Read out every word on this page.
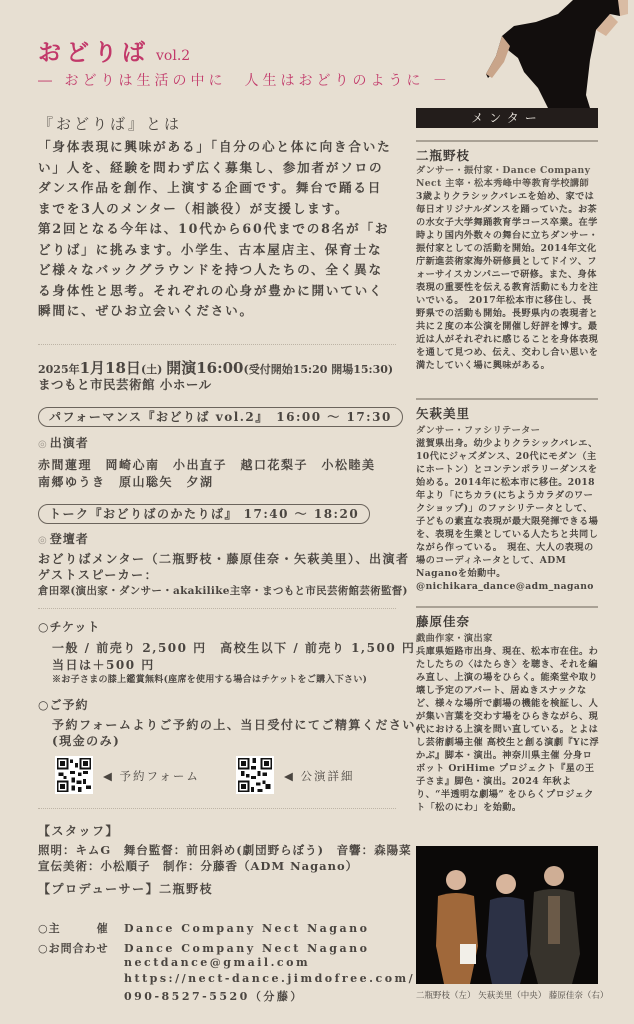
おどりば vol.2
― おどりは生活の中に　人生はおどりのように －
『おどりば』とは

「身体表現に興味がある」「自分の心と体に向き合いたい」人を、経験を問わず広く募集し、参加者がソロのダンス作品を創作、上演する企画です。舞台で踊る日までを3人のメンター（相談役）が支援します。

第2回となる今年は、10代から60代までの8名が「おどりば」に挑みます。小学生、古本屋店主、保育士など様々なバックグラウンドを持つ人たちの、全く異なる身体性と思考。それぞれの心身が豊かに開いていく瞬間に、ぜひお立会いください。

2025年1月18日(土) 開演16:00(受付開始15:20 開場15:30)
まつもと市民芸術館 小ホール
パフォーマンス『おどりば vol.2』　16:00 ～ 17:30
◎ 出演者
赤間蓮理　岡崎心南　小出直子　越口花梨子　小松睦美
南郷ゆうき　原山聡矢　夕湖
トーク『おどりばのかたりば』 17:40 ～ 18:20
◎ 登壇者
おどりばメンター（二瓶野枝・藤原佳奈・矢萩美里）、出演者
ゲストスピーカー：
倉田翠(演出家・ダンサー・akakilike主宰・まつもと市民芸術館芸術監督)
○チケット
一般 / 前売り 2,500 円　高校生以下 / 前売り 1,500 円
当日は＋500 円
※お子さまの膝上鑑賞無料(座席を使用する場合はチケットをご購入下さい)
○ご予約
予約フォームよりご予約の上、当日受付にてご精算ください。
(現金のみ)
◀ 予約フォーム	◀ 公演詳細
【スタッフ】
照明：キムG　舞台監督：前田斜め(劇団野らぼう)　音響：森陽菜
宣伝美術：小松順子　制作：分藤香（ADM Nagano）
【プロデューサー】二瓶野枝
○主　　　催 Dance Company Nect Nagano
○お問合わせ Dance Company Nect Nagano
nectdance@gmail.com
https://nect-dance.jimdofree.com/
090-8527-5520（分藤）
メンター
二瓶野枝
ダンサー・振付家・Dance Company Nect 主宰・松本秀峰中等教育学校講師
3歳よりクラシックバレエを始め、家では毎日オリジナルダンスを踊っていた。お茶の水女子大学舞踊教育学コース卒業。在学時より国内外数々の舞台に立ちダンサー・振付家としての活動を開始。2014年文化庁新進芸術家海外研修員としてドイツ、フォーサイスカンパニーで研修。また、身体表現の重要性を伝える教育活動にも力を注いでいる。　2017年松本市に移住し、長野県での活動も開始。長野県内の表現者と共に２度の本公演を開催し好評を博す。最近は人がそれぞれに感じることを身体表現を通して見つめ、伝え、交わし合い思いを満たしていく場に興味がある。
矢萩美里
ダンサー・ファシリテーター
滋賀県出身。幼少よりクラシックバレエ、10代にジャズダンス、20代にモダン（主にホートン）とコンテンポラリーダンスを始める。2014年に松本市に移住。2018年より「にちカラ(にちようカラダのワークショップ)」のファシリテータとして、子どもの素直な表現が最大限発揮できる場を、表現を生業としている人たちと共同しながら作っている。　現在、大人の表現の場のコーディネータとして、ADM　Naganoを始動中。@nichikara_dance@adm_nagano
藤原佳奈
戯曲作家・演出家
兵庫県姫路市出身、現在、松本市在住。わたしたちの〈はたらき〉を聴き、それを編み直し、上演の場をひらく。能楽堂や取り壊し予定のアパート、居ぬきスナックなど、様々な場所で劇場の機能を検証し、人が集い言葉を交わす場をひらきながら、現代における上演を問い直している。とよはし芸術劇場主催 高校生と創る演劇『Yに浮かぶ』脚本・演出。神奈川県主催 分身ロボット OriHime プロジェクト『星の王子さま』脚色・演出。2024 年秋より、“半透明な劇場” をひらくプロジェクト「松のにわ」を始動。
二瓶野枝（左） 矢萩美里（中央） 藤原佳奈（右）
